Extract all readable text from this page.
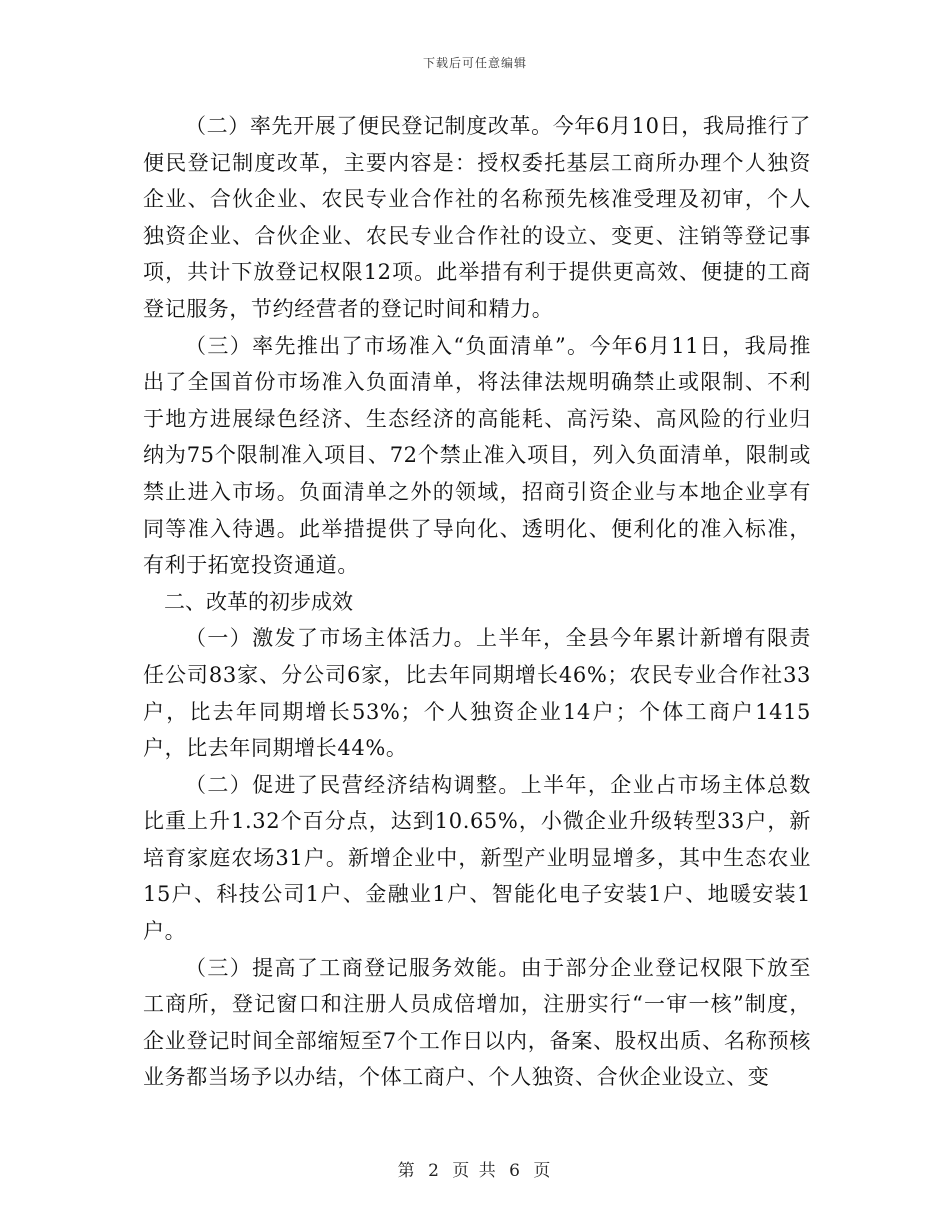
下载后可任意编辑

（二）率先开展了便民登记制度改革。今年6月10日，我局推行了便民登记制度改革，主要内容是：授权委托基层工商所办理个人独资企业、合伙企业、农民专业合作社的名称预先核准受理及初审，个人独资企业、合伙企业、农民专业合作社的设立、变更、注销等登记事项，共计下放登记权限12项。此举措有利于提供更高效、便捷的工商登记服务，节约经营者的登记时间和精力。

（三）率先推出了市场准入“负面清单”。今年6月11日，我局推出了全国首份市场准入负面清单，将法律法规明确禁止或限制、不利于地方进展绿色经济、生态经济的高能耗、高污染、高风险的行业归纳为75个限制准入项目、72个禁止准入项目，列入负面清单，限制或禁止进入市场。负面清单之外的领域，招商引资企业与本地企业享有同等准入待遇。此举措提供了导向化、透明化、便利化的准入标准，有利于拓宽投资通道。

二、改革的初步成效

（一）激发了市场主体活力。上半年，全县今年累计新增有限责任公司83家、分公司6家，比去年同期增长46%；农民专业合作社33户，比去年同期增长53%；个人独资企业14户；个体工商户1415户，比去年同期增长44%。

（二）促进了民营经济结构调整。上半年，企业占市场主体总数比重上升1.32个百分点，达到10.65%，小微企业升级转型33户，新培育家庭农场31户。新增企业中，新型产业明显增多，其中生态农业15户、科技公司1户、金融业1户、智能化电子安装1户、地暖安装1户。

（三）提高了工商登记服务效能。由于部分企业登记权限下放至工商所，登记窗口和注册人员成倍增加，注册实行“一审一核”制度，企业登记时间全部缩短至7个工作日以内，备案、股权出质、名称预核业务都当场予以办结，个体工商户、个人独资、合伙企业设立、变

第 2 页 共 6 页
